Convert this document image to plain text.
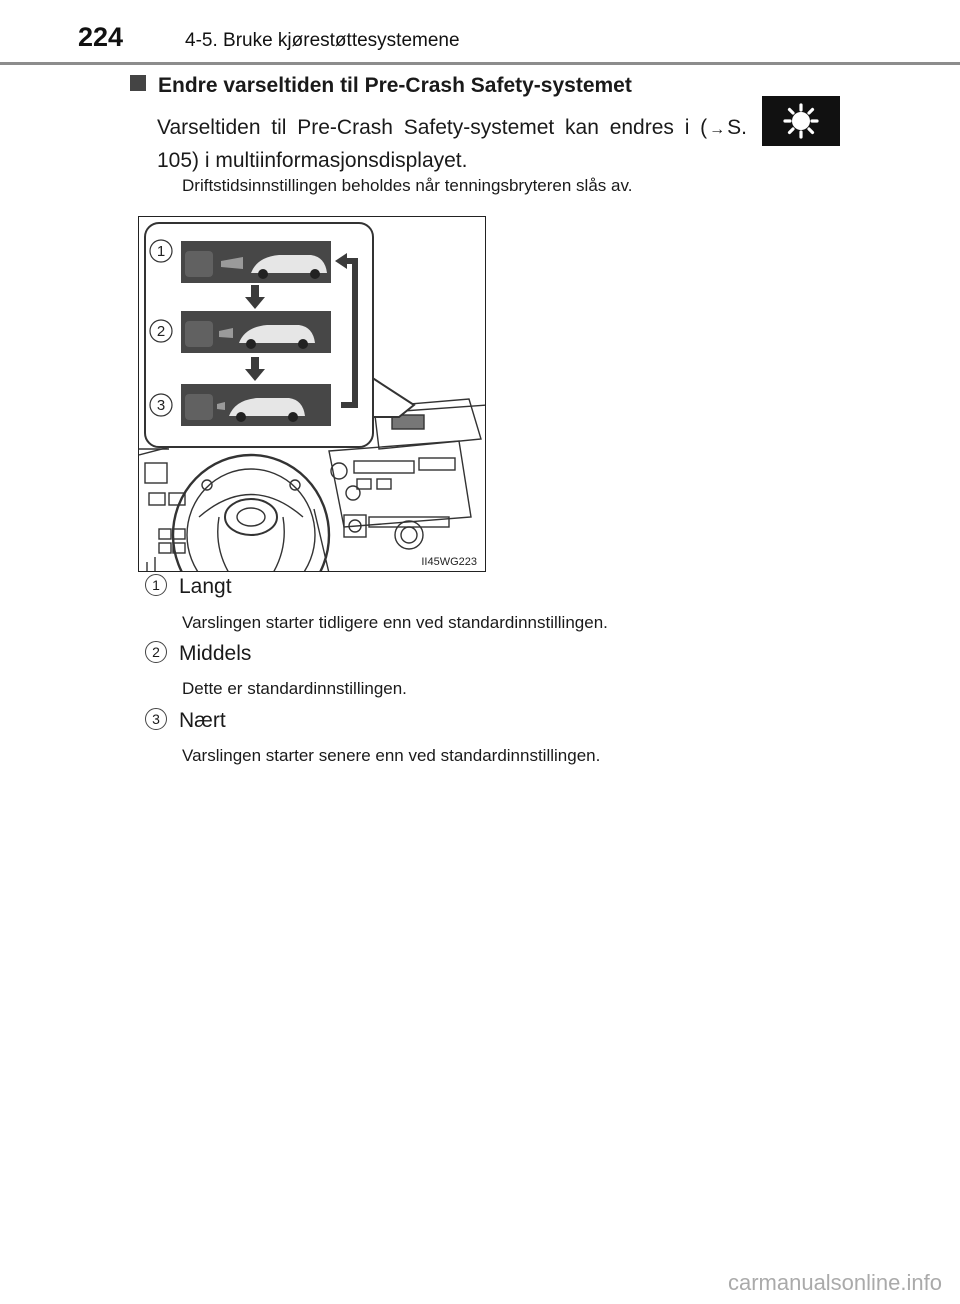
224	4-5. Bruke kjørestøttesystemene
Endre varseltiden til Pre-Crash Safety-systemet
Varseltiden til Pre-Crash Safety-systemet kan endres i ( →S. 105) i multiinformasjonsdisplayet.
Driftstidsinnstillingen beholdes når tenningsbryteren slås av.
1
2
3
II45WG223
1 Langt
Varslingen starter tidligere enn ved standardinnstillingen.
2 Middels
Dette er standardinnstillingen.
3 Nært
Varslingen starter senere enn ved standardinnstillingen.
carmanualsonline.info
